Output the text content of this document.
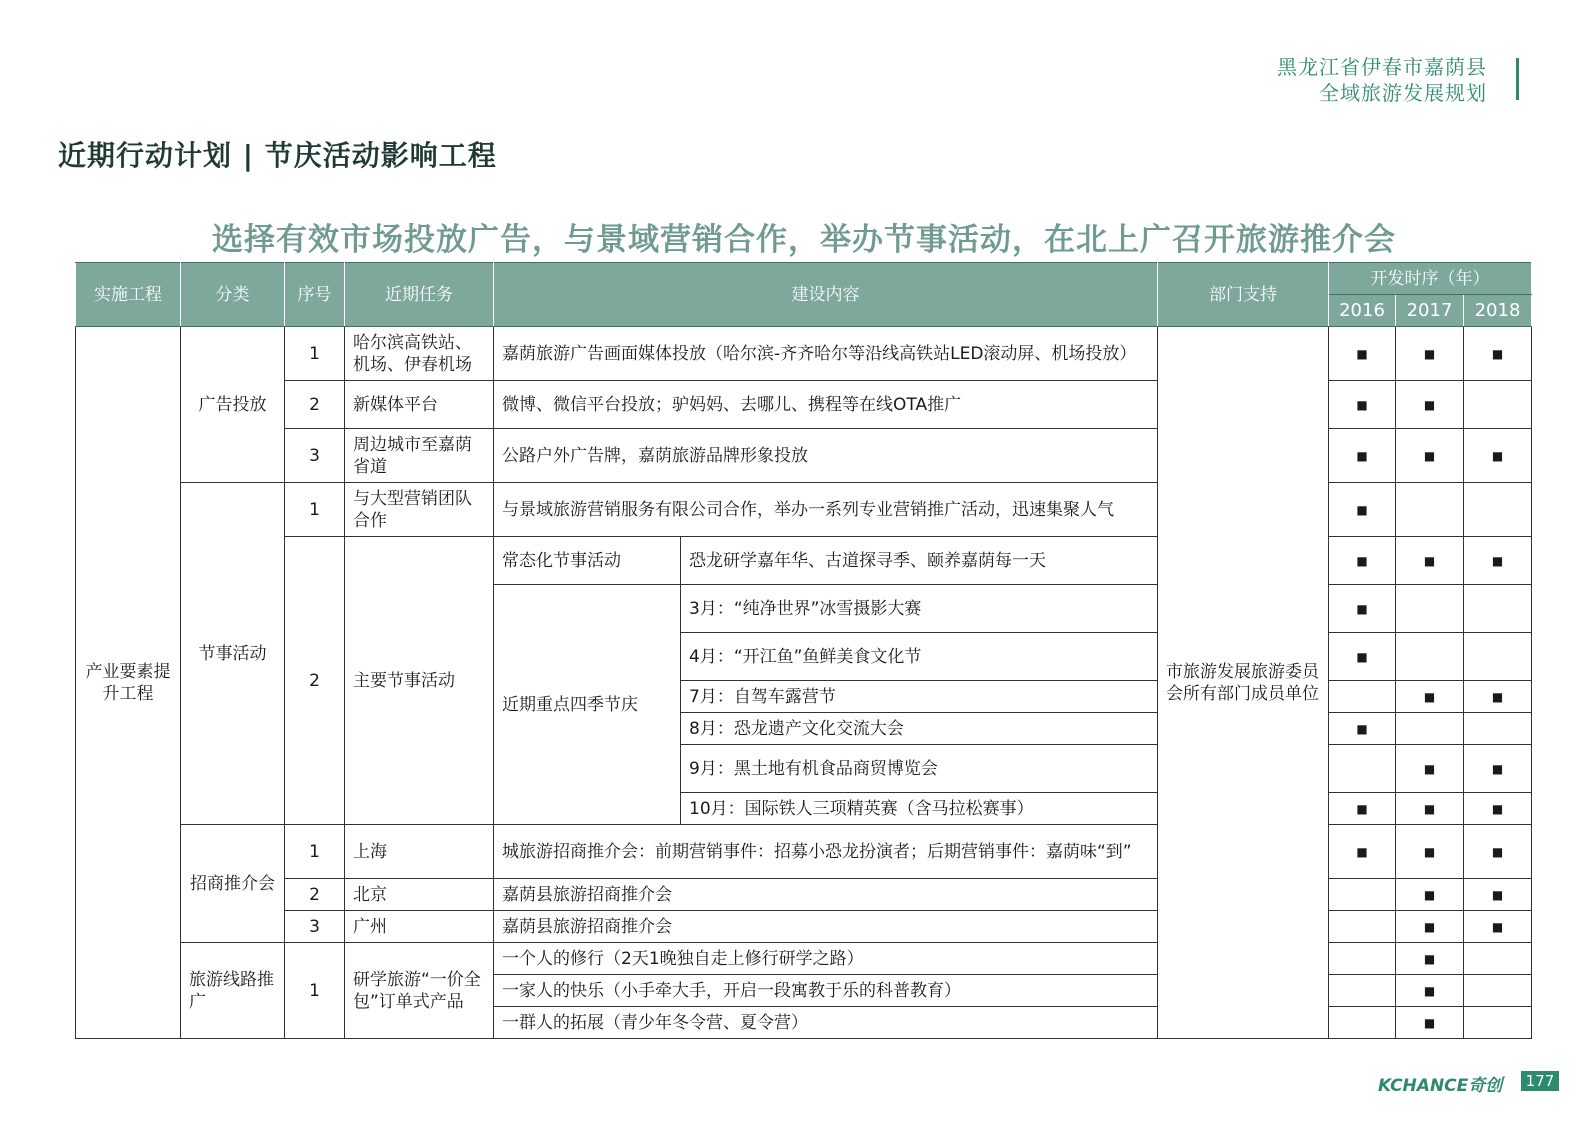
黑龙江省伊春市嘉荫县
全域旅游发展规划
近期行动计划 | 节庆活动影响工程
选择有效市场投放广告，与景域营销合作，举办节事活动，在北上广召开旅游推介会
实施工程	分类	序号	近期任务	建设内容		部门支持	开发时序（年）		
							2016	2017	2018
产业要素提升工程	广告投放	1	哈尔滨高铁站、机场、伊春机场	嘉荫旅游广告画面媒体投放（哈尔滨-齐齐哈尔等沿线高铁站LED滚动屏、机场投放）		市旅游发展旅游委员会所有部门成员单位	■	■	■
		2	新媒体平台	微博、微信平台投放；驴妈妈、去哪儿、携程等在线OTA推广			■	■	
		3	周边城市至嘉荫省道	公路户外广告牌，嘉荫旅游品牌形象投放			■	■	■
	节事活动	1	与大型营销团队合作	与景域旅游营销服务有限公司合作，举办一系列专业营销推广活动，迅速集聚人气			■		
		2	主要节事活动	常态化节事活动	恐龙研学嘉年华、古道探寻季、颐养嘉荫每一天		■	■	■
				近期重点四季节庆	3月：“纯净世界”冰雪摄影大赛		■		
					4月：“开江鱼”鱼鲜美食文化节		■		
					7月：自驾车露营节			■	■
					8月：恐龙遗产文化交流大会		■		
					9月：黑土地有机食品商贸博览会			■	■
					10月：国际铁人三项精英赛（含马拉松赛事）		■	■	■
	招商推介会	1	上海	城旅游招商推介会：前期营销事件：招募小恐龙扮演者；后期营销事件：嘉荫味“到”			■	■	■
		2	北京	嘉荫县旅游招商推介会				■	■
		3	广州	嘉荫县旅游招商推介会				■	■
	旅游线路推广	1	研学旅游“一价全包”订单式产品	一个人的修行（2天1晚独自走上修行研学之路）				■	
				一家人的快乐（小手牵大手，开启一段寓教于乐的科普教育）				■	
				一群人的拓展（青少年冬令营、夏令营）				■	
KCHANCE奇创	177
